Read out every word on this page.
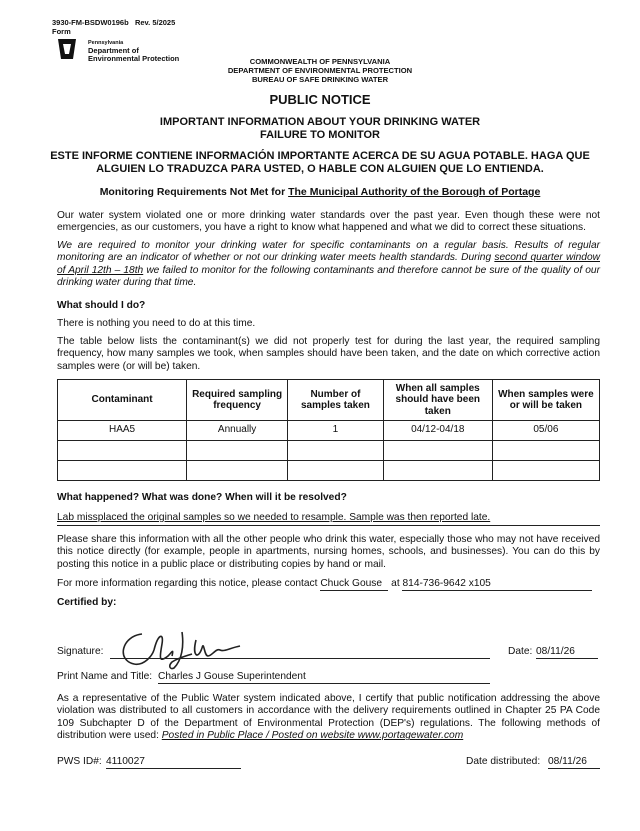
3930-FM-BSDW0196b Rev. 5/2025
Form
Pennsylvania
Department of
Environmental Protection	COMMONWEALTH OF PENNSYLVANIA
DEPARTMENT OF ENVIRONMENTAL PROTECTION
BUREAU OF SAFE DRINKING WATER
PUBLIC NOTICE
IMPORTANT INFORMATION ABOUT YOUR DRINKING WATER
FAILURE TO MONITOR
ESTE INFORME CONTIENE INFORMACIÓN IMPORTANTE ACERCA DE SU AGUA POTABLE. HAGA QUE
ALGUIEN LO TRADUZCA PARA USTED, O HABLE CON ALGUIEN QUE LO ENTIENDA.
Monitoring Requirements Not Met for The Municipal Authority of the Borough of Portage
Our water system violated one or more drinking water standards over the past year. Even though these were not emergencies, as our customers, you have a right to know what happened and what we did to correct these situations.
We are required to monitor your drinking water for specific contaminants on a regular basis. Results of regular monitoring are an indicator of whether or not our drinking water meets health standards. During second quarter window of April 12th – 18th we failed to monitor for the following contaminants and therefore cannot be sure of the quality of our drinking water during that time.
What should I do?
There is nothing you need to do at this time.
The table below lists the contaminant(s) we did not properly test for during the last year, the required sampling frequency, how many samples we took, when samples should have been taken, and the date on which corrective action samples were (or will be) taken.
Contaminant	Required sampling frequency	Number of samples taken	When all samples should have been taken	When samples were or will be taken
HAA5	Annually	1	04/12-04/18	05/06

What happened? What was done? When will it be resolved?
Lab missplaced the original samples so we needed to resample. Sample was then reported late.
Please share this information with all the other people who drink this water, especially those who may not have received this notice directly (for example, people in apartments, nursing homes, schools, and businesses). You can do this by posting this notice in a public place or distributing copies by hand or mail.
For more information regarding this notice, please contact Chuck Gouse at 814-736-9642 x105
Certified by:
Signature:	Date: 08/11/26
Print Name and Title: Charles J Gouse Superintendent
As a representative of the Public Water system indicated above, I certify that public notification addressing the above violation was distributed to all customers in accordance with the delivery requirements outlined in Chapter 25 PA Code 109 Subchapter D of the Department of Environmental Protection (DEP's) regulations. The following methods of distribution were used: Posted in Public Place / Posted on website www.portagewater.com
PWS ID#: 4110027	Date distributed: 08/11/26
